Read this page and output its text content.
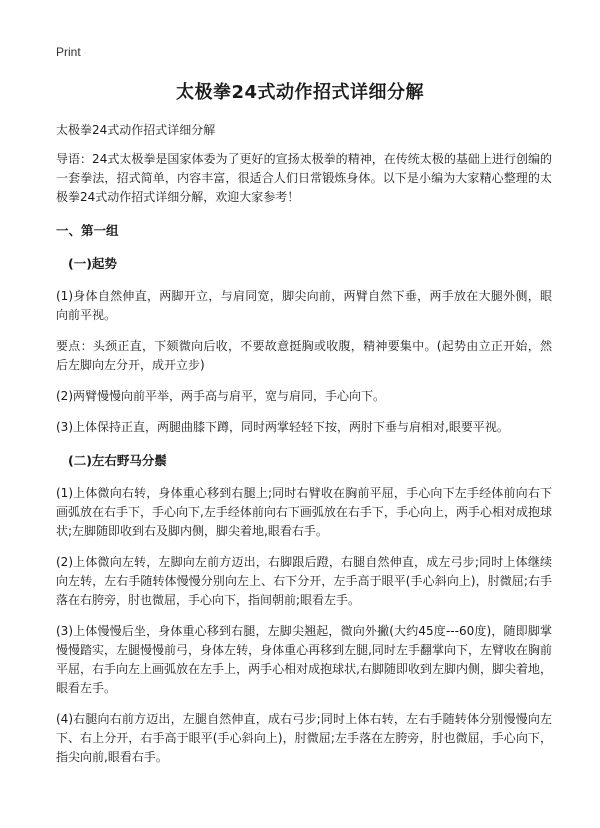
Print
太极拳24式动作招式详细分解

太极拳24式动作招式详细分解

导语：24式太极拳是国家体委为了更好的宣扬太极拳的精神，在传统太极的基础上进行创编的一套拳法，招式简单，内容丰富，很适合人们日常锻炼身体。以下是小编为大家精心整理的太极拳24式动作招式详细分解，欢迎大家参考！

一、第一组
(一)起势

(1)身体自然伸直，两脚开立，与肩同宽，脚尖向前，两臂自然下垂，两手放在大腿外侧，眼向前平视。

要点：头颈正直，下颏微向后收，不要故意挺胸或收腹，精神要集中。(起势由立正开始，然后左脚向左分开，成开立步)

(2)两臂慢慢向前平举，两手高与肩平，宽与肩同，手心向下。

(3)上体保持正直，两腿曲膝下蹲，同时两掌轻轻下按，两肘下垂与肩相对,眼要平视。

(二)左右野马分鬃

(1)上体微向右转，身体重心移到右腿上;同时右臂收在胸前平屈，手心向下左手经体前向右下画弧放在右手下，手心向下,左手经体前向右下画弧放在右手下，手心向上，两手心相对成抱球状;左脚随即收到右及脚内侧，脚尖着地,眼看右手。

(2)上体微向左转，左脚向左前方迈出，右脚跟后蹬，右腿自然伸直，成左弓步;同时上体继续向左转，左右手随转体慢慢分别向左上、右下分开，左手高于眼平(手心斜向上)，肘微屈;右手落在右胯旁，肘也微屈，手心向下，指间朝前;眼看左手。

(3)上体慢慢后坐，身体重心移到右腿，左脚尖翘起，微向外撇(大约45度---60度)，随即脚掌慢慢踏实，左腿慢慢前弓，身体左转，身体重心再移到左腿,同时左手翻掌向下，左臂收在胸前平屈，右手向左上画弧放在左手上，两手心相对成抱球状,右脚随即收到左脚内侧，脚尖着地，眼看左手。

(4)右腿向右前方迈出，左腿自然伸直，成右弓步;同时上体右转，左右手随转体分别慢慢向左下、右上分开，右手高于眼平(手心斜向上)，肘微屈;左手落在左胯旁，肘也微屈，手心向下，指尖向前,眼看右手。
